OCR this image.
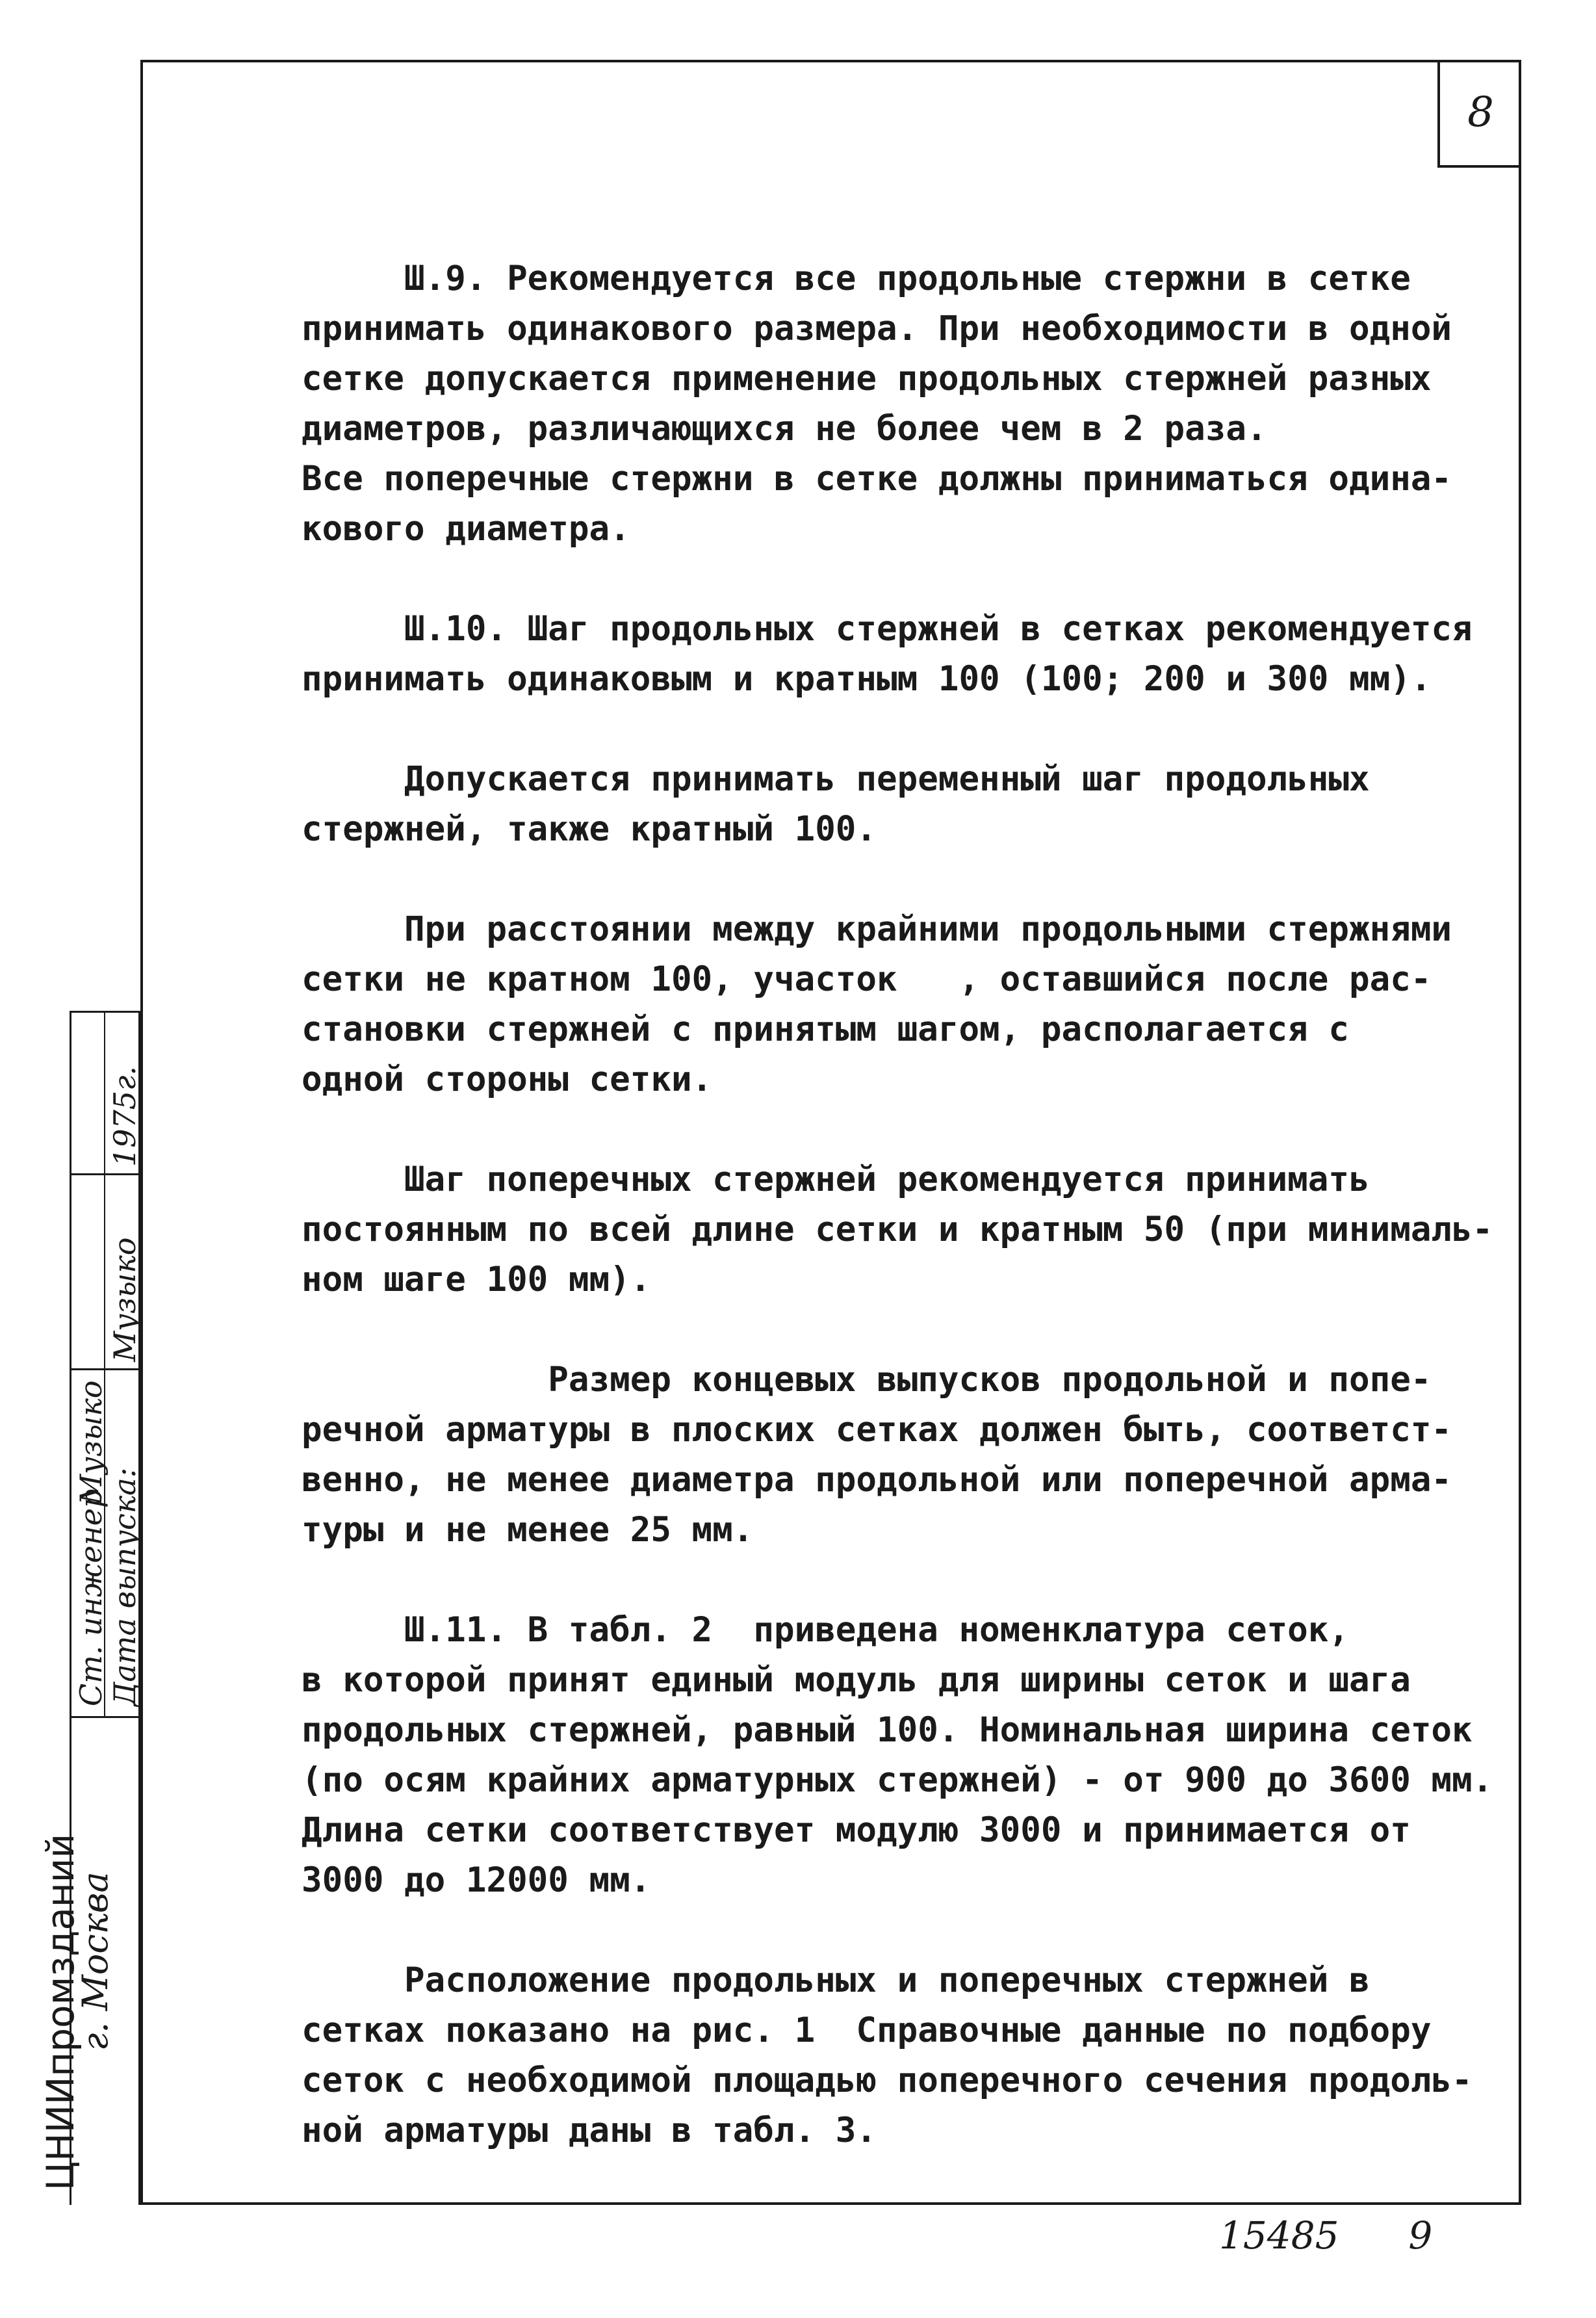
8
ЦНИИпромзданий
г. Москва
Ст. инженер
Музыко
Дата выпуска:
Музыко
1975г.
Ш.9. Рекомендуется все продольные стержни в сетке
принимать одинакового размера. При необходимости в одной
сетке допускается применение продольных стержней разных
диаметров, различающихся не более чем в 2 раза.
Все поперечные стержни в сетке должны приниматься одина-
кового диаметра.
Ш.10. Шаг продольных стержней в сетках рекомендуется
принимать одинаковым и кратным 100 (100; 200 и 300 мм).
Допускается принимать переменный шаг продольных
стержней, также кратный 100.
При расстоянии между крайними продольными стержнями
сетки не кратном 100, участок   , оставшийся после рас-
становки стержней с принятым шагом, располагается с
одной стороны сетки.
Шаг поперечных стержней рекомендуется принимать
постоянным по всей длине сетки и кратным 50 (при минималь-
ном шаге 100 мм).
Размер концевых выпусков продольной и попе-
речной арматуры в плоских сетках должен быть, соответст-
венно, не менее диаметра продольной или поперечной арма-
туры и не менее 25 мм.
Ш.11. В табл. 2  приведена номенклатура сеток,
в которой принят единый модуль для ширины сеток и шага
продольных стержней, равный 100. Номинальная ширина сеток
(по осям крайних арматурных стержней) - от 900 до 3600 мм.
Длина сетки соответствует модулю 3000 и принимается от
3000 до 12000 мм.
Расположение продольных и поперечных стержней в
сетках показано на рис. 1  Справочные данные по подбору
сеток с необходимой площадью поперечного сечения продоль-
ной арматуры даны в табл. 3.
15485 9
